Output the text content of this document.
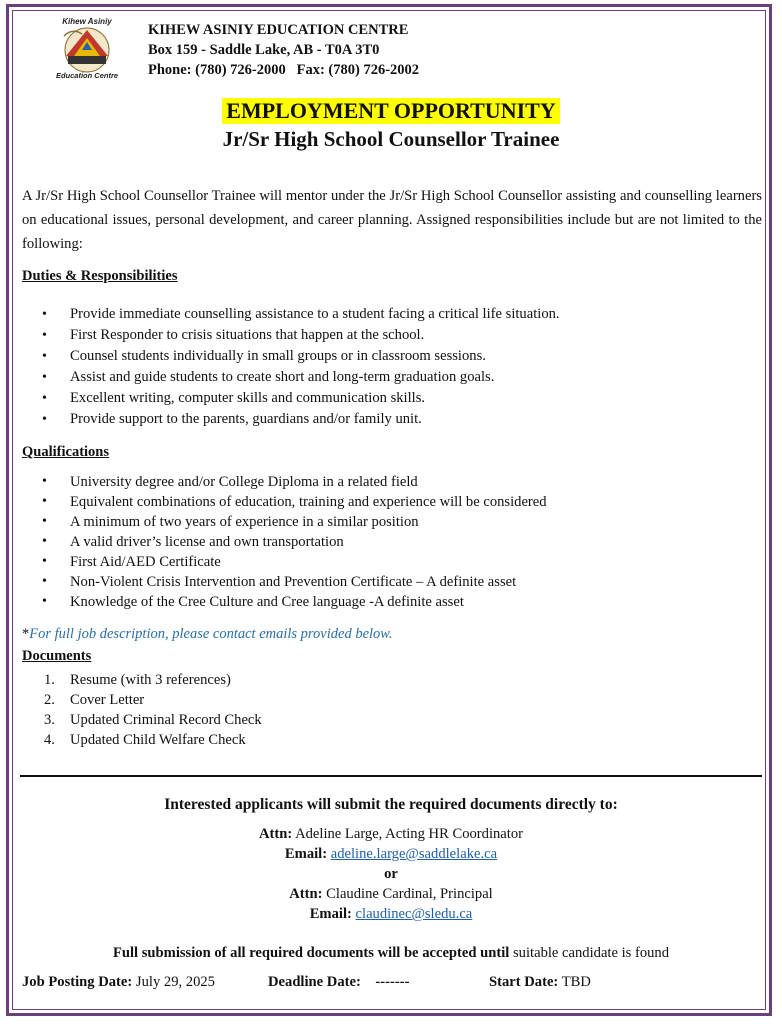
Kihew Asiniy
Education Centre
KIHEW ASINIY EDUCATION CENTRE
Box 159 - Saddle Lake, AB - T0A 3T0
Phone: (780) 726-2000 Fax: (780) 726-2002
EMPLOYMENT OPPORTUNITY
Jr/Sr High School Counsellor Trainee
A Jr/Sr High School Counsellor Trainee will mentor under the Jr/Sr High School Counsellor assisting and counselling learners on educational issues, personal development, and career planning. Assigned responsibilities include but are not limited to the following:
Duties & Responsibilities
• Provide immediate counselling assistance to a student facing a critical life situation.
• First Responder to crisis situations that happen at the school.
• Counsel students individually in small groups or in classroom sessions.
• Assist and guide students to create short and long-term graduation goals.
• Excellent writing, computer skills and communication skills.
• Provide support to the parents, guardians and/or family unit.
Qualifications
• University degree and/or College Diploma in a related field
• Equivalent combinations of education, training and experience will be considered
• A minimum of two years of experience in a similar position
• A valid driver’s license and own transportation
• First Aid/AED Certificate
• Non-Violent Crisis Intervention and Prevention Certificate – A definite asset
• Knowledge of the Cree Culture and Cree language -A definite asset
*For full job description, please contact emails provided below.
Documents
1. Resume (with 3 references)
2. Cover Letter
3. Updated Criminal Record Check
4. Updated Child Welfare Check
Interested applicants will submit the required documents directly to:
Attn: Adeline Large, Acting HR Coordinator
Email: adeline.large@saddlelake.ca
or
Attn: Claudine Cardinal, Principal
Email: claudinec@sledu.ca
Full submission of all required documents will be accepted until suitable candidate is found
Job Posting Date: July 29, 2025	Deadline Date: -------	Start Date: TBD
